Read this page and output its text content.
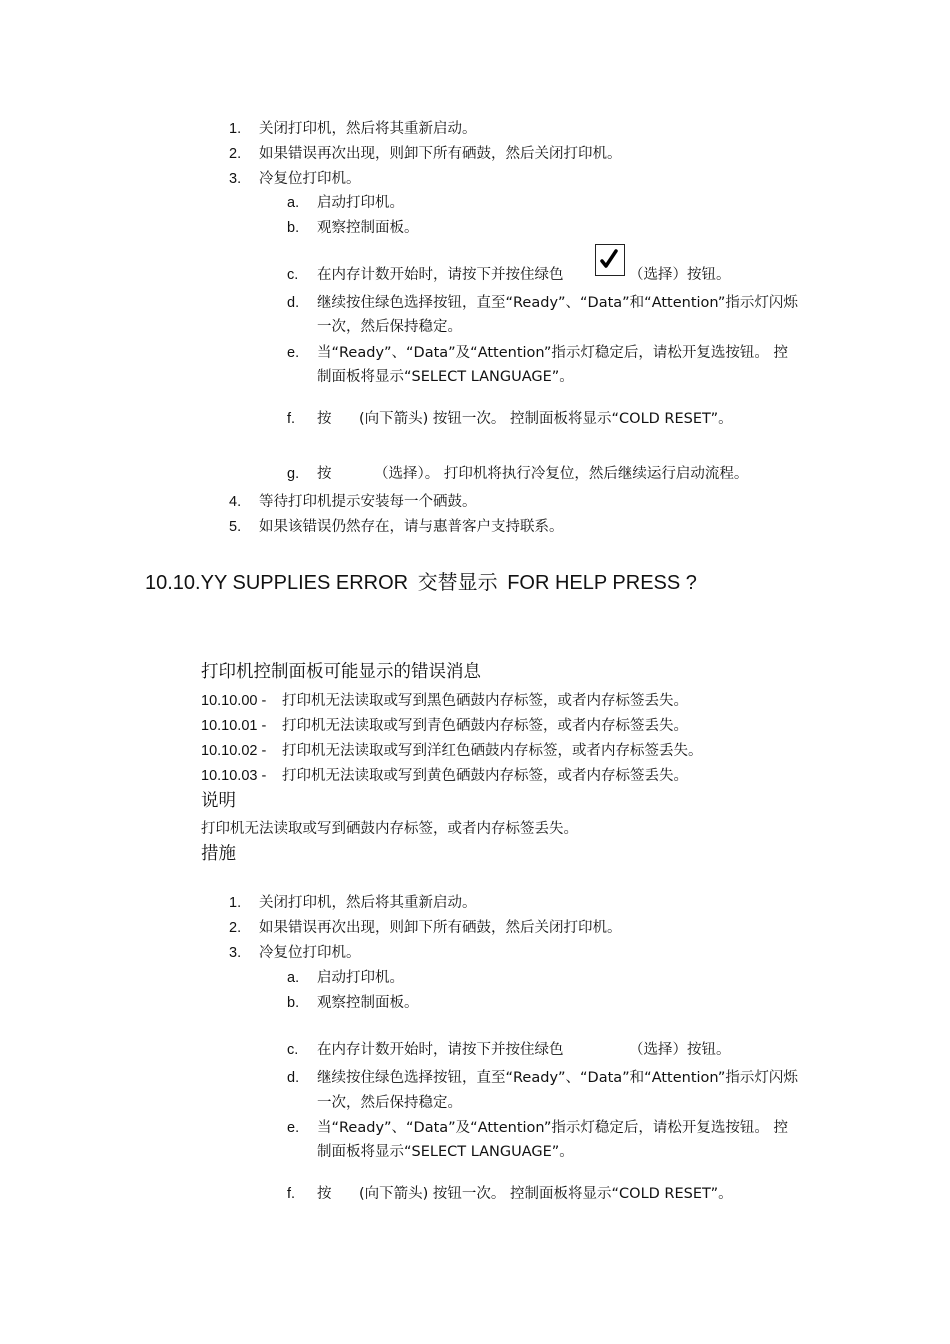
1. 关闭打印机，然后将其重新启动。
2. 如果错误再次出现，则卸下所有硒鼓，然后关闭打印机。
3. 冷复位打印机。
a. 启动打印机。
b. 观察控制面板。
c. 在内存计数开始时，请按下并按住绿色	（选择）按钮。
d. 继续按住绿色选择按钮，直至“Ready”、“Data”和“Attention”指示灯闪烁
一次，然后保持稳定。
e. 当“Ready”、“Data”及“Attention”指示灯稳定后，请松开复选按钮。 控
制面板将显示“SELECT LANGUAGE”。
f. 按 (向下箭头) 按钮一次。 控制面板将显示“COLD RESET”。
g. 按	（选择）。 打印机将执行冷复位，然后继续运行启动流程。
4. 等待打印机提示安装每一个硒鼓。
5. 如果该错误仍然存在，请与惠普客户支持联系。
10.10.YY SUPPLIES ERROR 交替显示 FOR HELP PRESS ?
打印机控制面板可能显示的错误消息
10.10.00 - 打印机无法读取或写到黑色硒鼓内存标签，或者内存标签丢失。
10.10.01 - 打印机无法读取或写到青色硒鼓内存标签，或者内存标签丢失。
10.10.02 - 打印机无法读取或写到洋红色硒鼓内存标签，或者内存标签丢失。
10.10.03 - 打印机无法读取或写到黄色硒鼓内存标签，或者内存标签丢失。
说明
打印机无法读取或写到硒鼓内存标签，或者内存标签丢失。
措施
1. 关闭打印机，然后将其重新启动。
2. 如果错误再次出现，则卸下所有硒鼓，然后关闭打印机。
3. 冷复位打印机。
a. 启动打印机。
b. 观察控制面板。
c. 在内存计数开始时，请按下并按住绿色	（选择）按钮。
d. 继续按住绿色选择按钮，直至“Ready”、“Data”和“Attention”指示灯闪烁
一次，然后保持稳定。
e. 当“Ready”、“Data”及“Attention”指示灯稳定后，请松开复选按钮。 控
制面板将显示“SELECT LANGUAGE”。
f. 按 (向下箭头) 按钮一次。 控制面板将显示“COLD RESET”。
